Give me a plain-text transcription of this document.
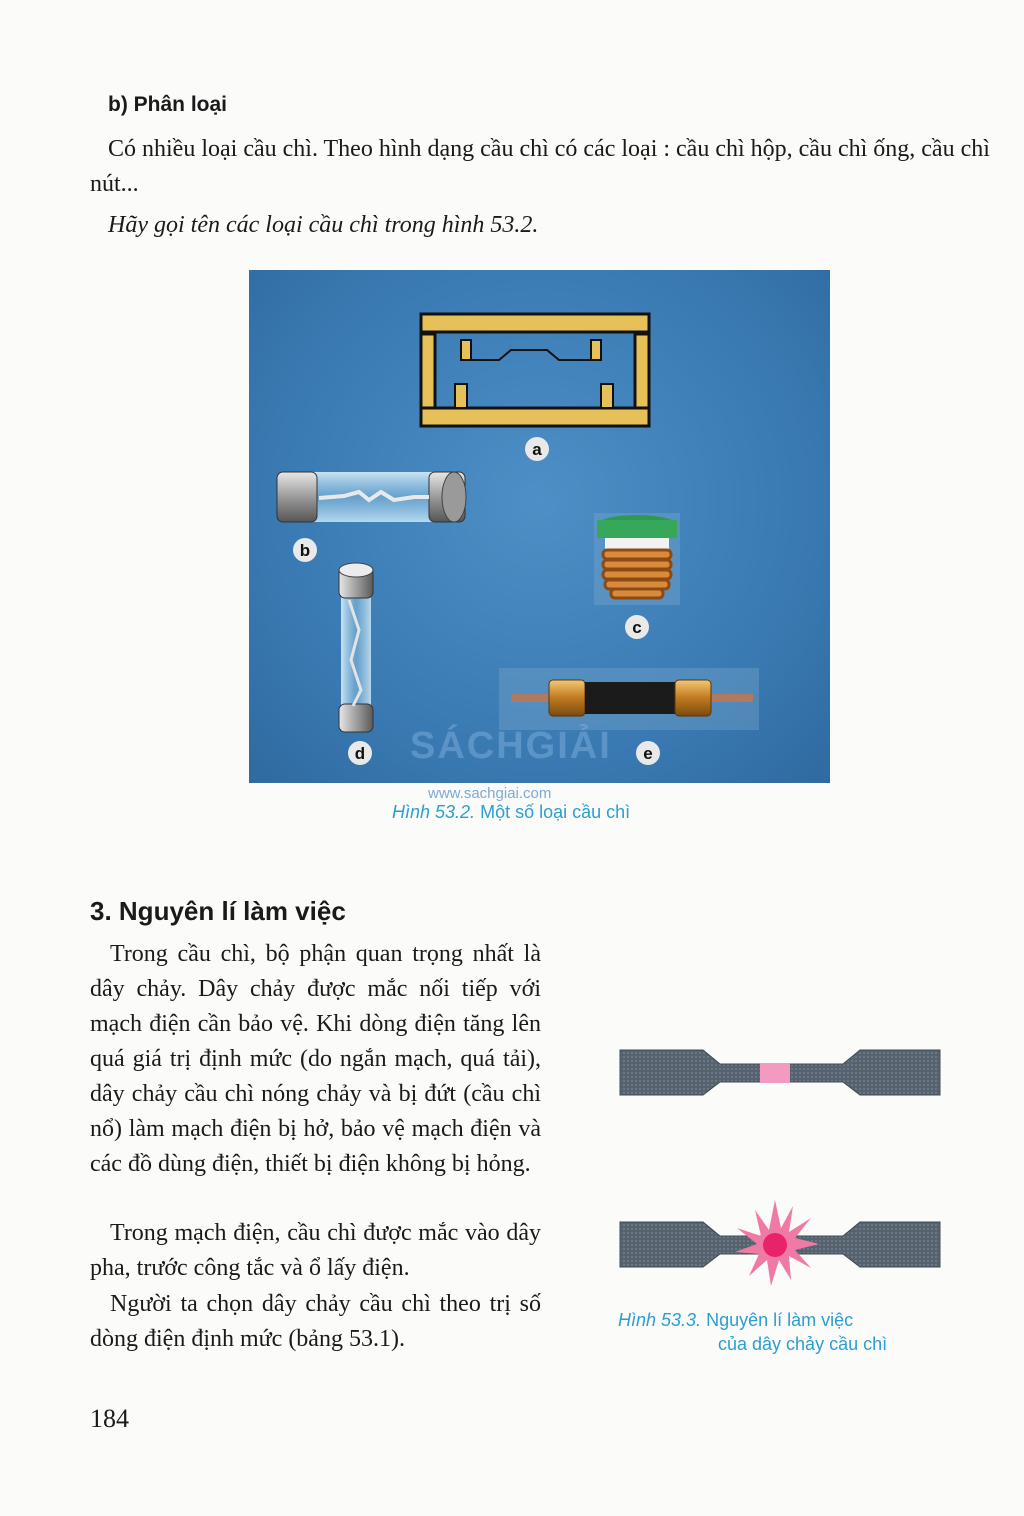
b) Phân loại
Có nhiều loại cầu chì. Theo hình dạng cầu chì có các loại : cầu chì hộp, cầu chì ống, cầu chì nút...
Hãy gọi tên các loại cầu chì trong hình 53.2.
a
b
c
d	e
SÁCHGIẢI
www.sachgiai.com
Hình 53.2. Một số loại cầu chì
3. Nguyên lí làm việc

Trong cầu chì, bộ phận quan trọng nhất là dây chảy. Dây chảy được mắc nối tiếp với mạch điện cần bảo vệ. Khi dòng điện tăng lên quá giá trị định mức (do ngắn mạch, quá tải), dây chảy cầu chì nóng chảy và bị đứt (cầu chì nổ) làm mạch điện bị hở, bảo vệ mạch điện và các đồ dùng điện, thiết bị điện không bị hỏng.

Trong mạch điện, cầu chì được mắc vào dây pha, trước công tắc và ổ lấy điện.

Người ta chọn dây chảy cầu chì theo trị số dòng điện định mức (bảng 53.1).

Hình 53.3. Nguyên lí làm việc
của dây chảy cầu chì
184
